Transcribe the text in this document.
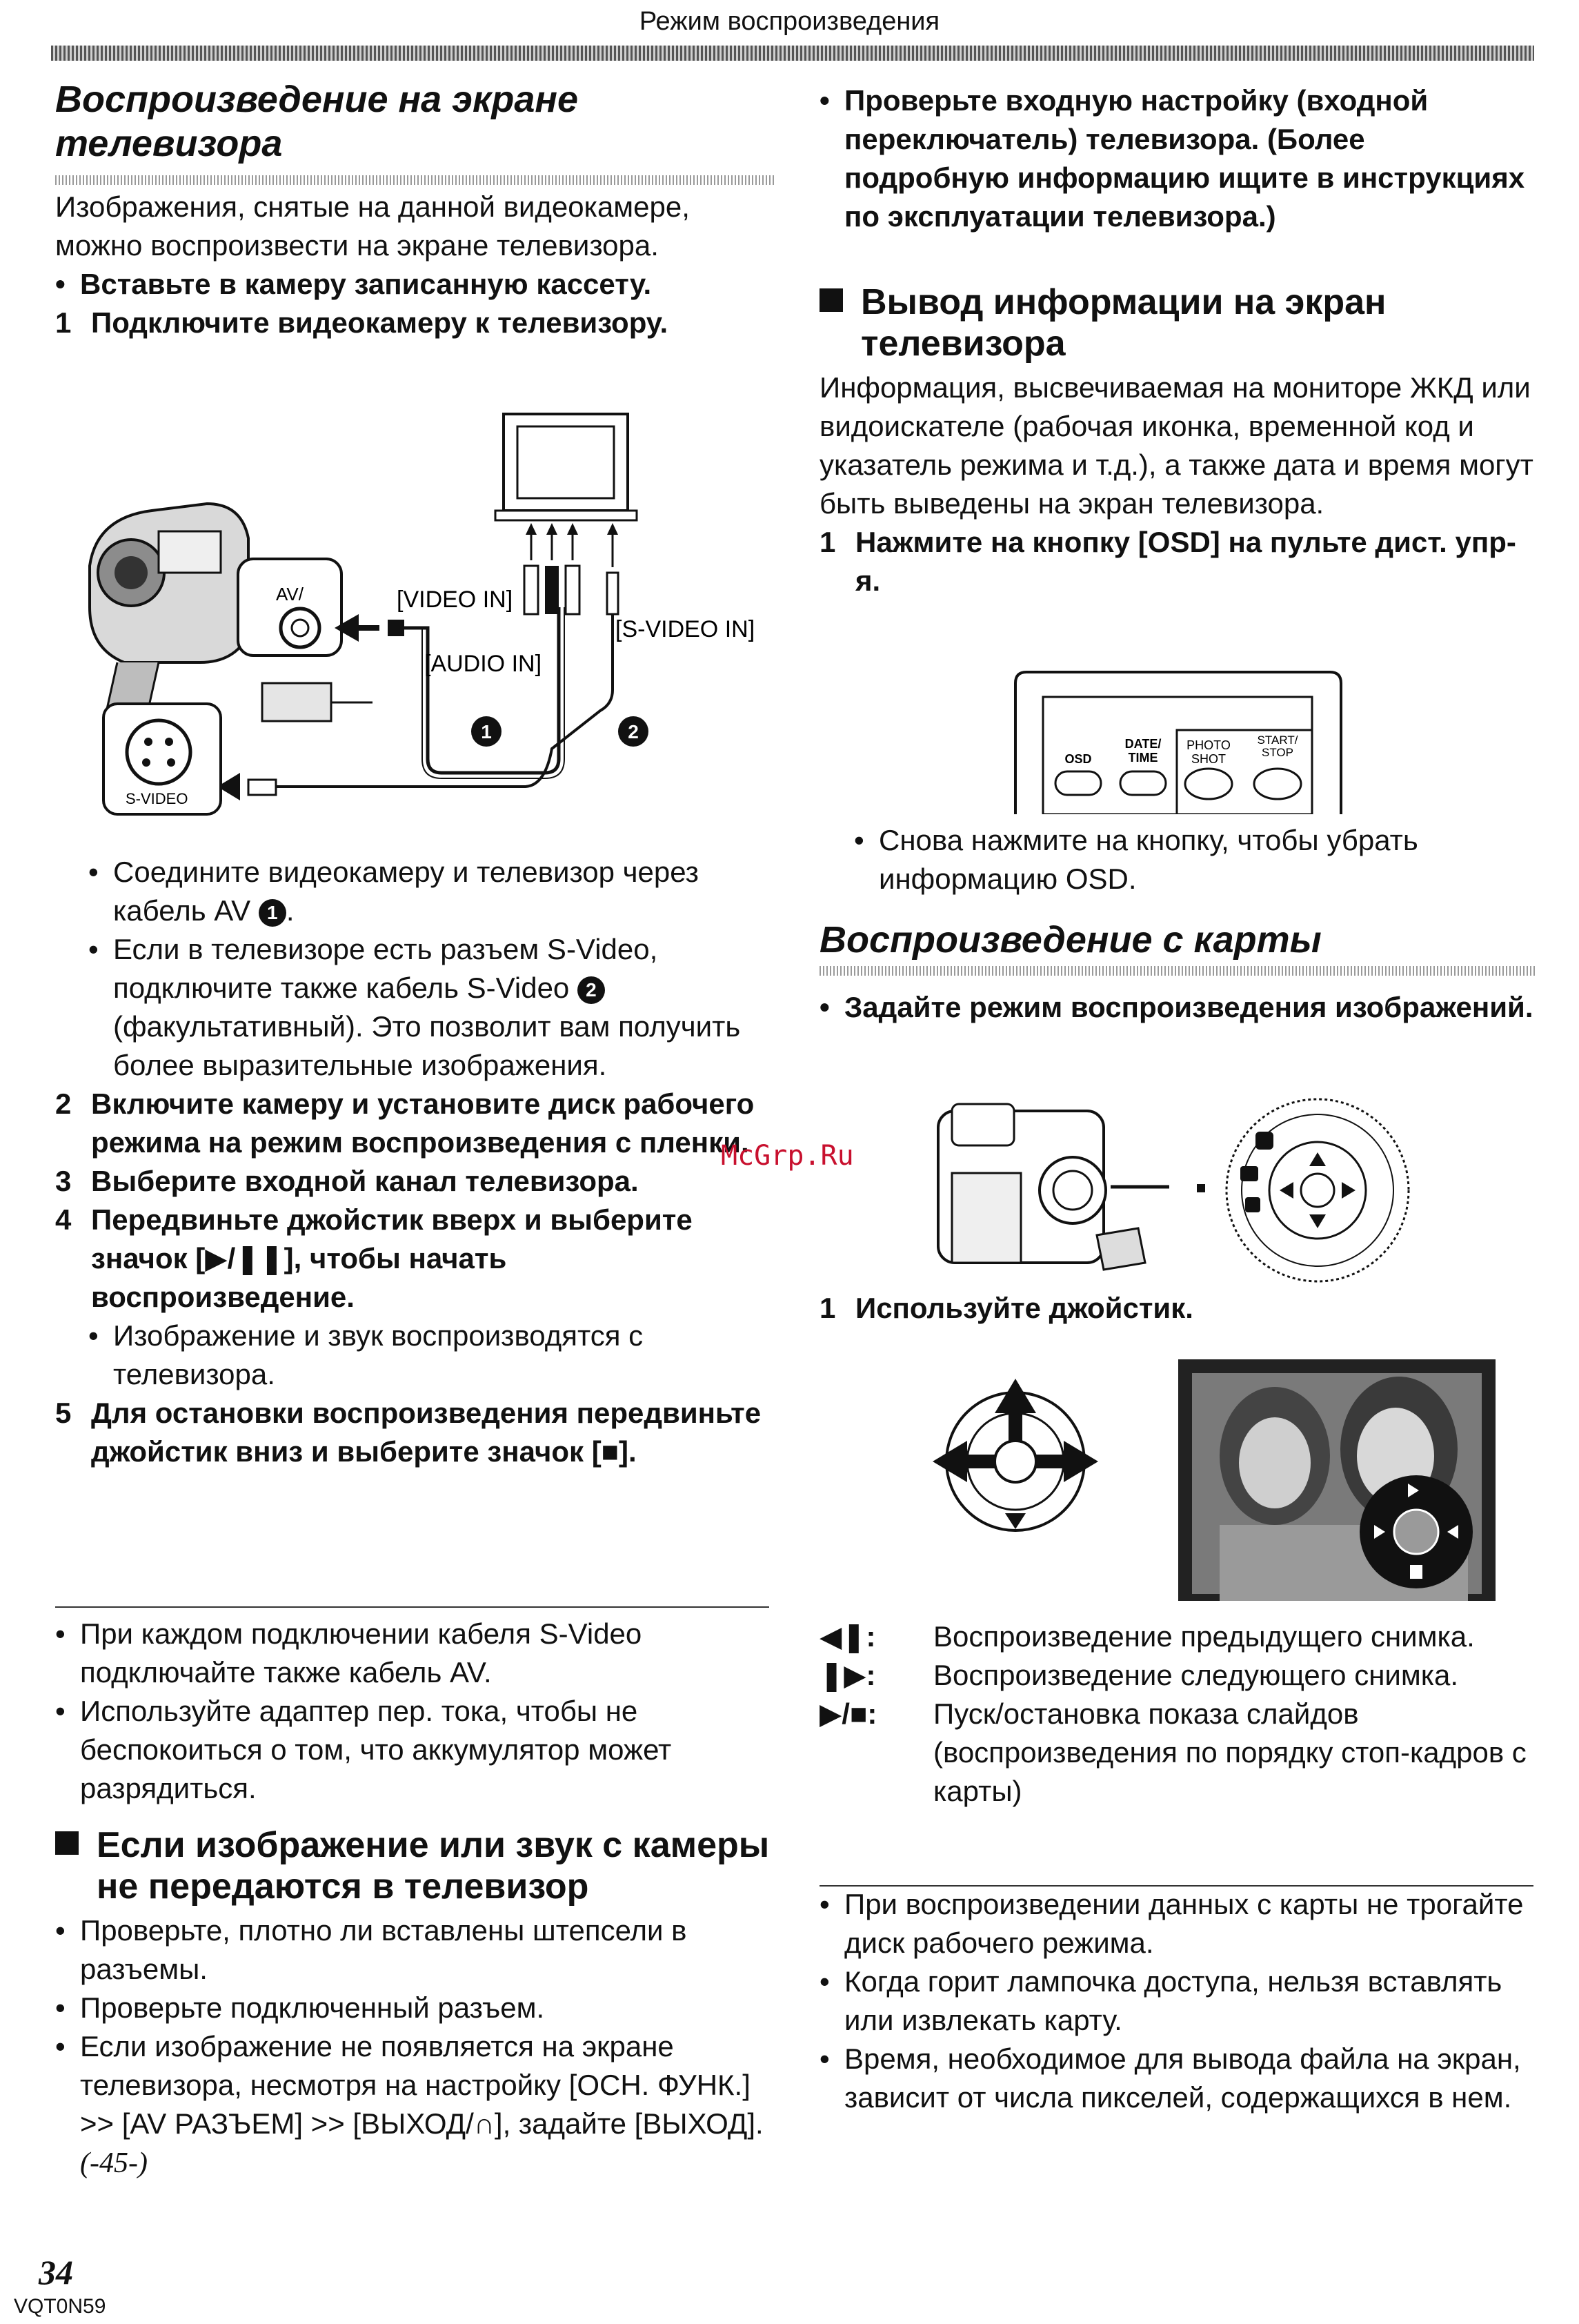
Режим воспроизведения
Воспроизведение на экране телевизора

Изображения, снятые на данной видеокамере, можно воспроизвести на экране телевизора.

• Вставьте в камеру записанную кассету.

1 Подключите видеокамеру к телевизору.

AV/	[VIDEO IN]
[AUDIO IN]
[S-VIDEO IN]
S-VIDEO
1	2

• Соедините видеокамеру и телевизор через кабель AV 1 .

• Если в телевизоре есть разъем S-Video, подключите также кабель S-Video 2 (факультативный). Это позволит вам получить более выразительные изображения.

2 Включите камеру и установите диск рабочего режима на режим воспроизведения с пленки.

3 Выберите входной канал телевизора.

4 Передвиньте джойстик вверх и выберите значок [▶/❚❚], чтобы начать воспроизведение.

• Изображение и звук воспроизводятся с телевизора.

5 Для остановки воспроизведения передвиньте джойстик вниз и выберите значок [■].

• При каждом подключении кабеля S-Video подключайте также кабель AV.

• Используйте адаптер пер. тока, чтобы не беспокоиться о том, что аккумулятор может разрядиться.

Если изображение или звук с камеры не передаются в телевизор

• Проверьте, плотно ли вставлены штепсели в разъемы.

• Проверьте подключенный разъем.

• Если изображение не появляется на экране телевизора, несмотря на настройку [ОСН. ФУНК.] >> [AV РАЗЪЕМ] >> [ВЫХОД/∩], задайте [ВЫХОД]. (-45-)

• Проверьте входную настройку (входной переключатель) телевизора. (Более подробную информацию ищите в инструкциях по эксплуатации телевизора.)

Вывод информации на экран телевизора

Информация, высвечиваемая на мониторе ЖКД или видоискателе (рабочая иконка, временной код и указатель режима и т.д.), а также дата и время могут быть выведены на экран телевизора.

1 Нажмите на кнопку [OSD] на пульте дист. упр-я.

OSD
DATE/
TIME
PHOTO
SHOT
START/
STOP

• Снова нажмите на кнопку, чтобы убрать информацию OSD.

Воспроизведение с карты

• Задайте режим воспроизведения изображений.

1 Используйте джойстик.

◀❚:	Воспроизведение предыдущего снимка.
❚▶:	Воспроизведение следующего снимка.
▶/■:	Пуск/остановка показа слайдов (воспроизведения по порядку стоп-кадров с карты)

• При воспроизведении данных с карты не трогайте диск рабочего режима.

• Когда горит лампочка доступа, нельзя вставлять или извлекать карту.

• Время, необходимое для вывода файла на экран, зависит от числа пикселей, содержащихся в нем.

McGrp.Ru
34
VQT0N59
